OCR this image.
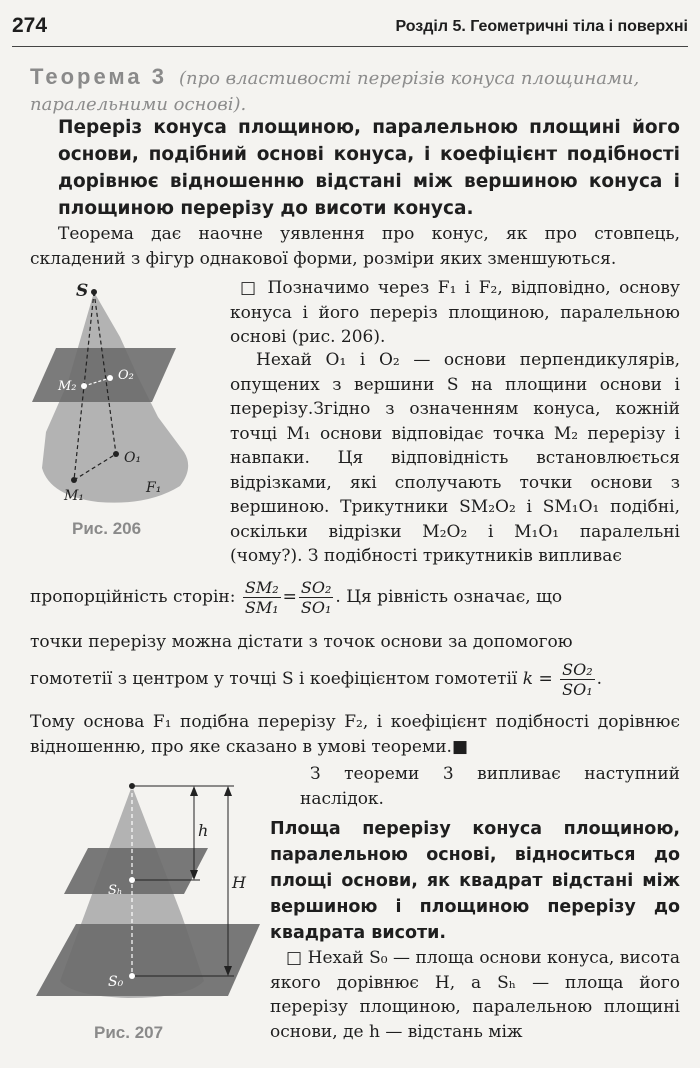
274	Розділ 5. Геометричні тіла і поверхні
Теорема 3 (про властивості перерізів конуса площинами, паралельними основі).
Переріз конуса площиною, паралельною площині його основи, подібний основі конуса, і коефіцієнт подібності дорівнює відношенню відстані між вершиною конуса і площиною перерізу до висоти конуса.

Теорема дає наочне уявлення про конус, як про стовпець, складений з фігур однакової форми, розміри яких зменшуються.

S
O₂
M₂
O₁
M₁	F₁
Рис. 206

□ Позначимо через F₁ і F₂, відповідно, основу конуса і його переріз площиною, паралельною основі (рис. 206).

Нехай O₁ і O₂ — основи перпендикулярів, опущених з вершини S на площини основи і перерізу.Згідно з означенням конуса, кожній точці M₁ основи відповідає точка M₂ перерізу і навпаки. Ця відповідність встановлюється відрізками, які сполучають точки основи з вершиною. Трикутники SM₂O₂ і SM₁O₁ подібні, оскільки відрізки M₂O₂ і M₁O₁ паралельні (чому?). З подібності трикутників випливає

пропорційність сторін: $\frac{\text{SM₂}}{\text{SM₁}} = \frac{\text{SO₂}}{\text{SO₁}}$ . Ця рівність означає, що
точки перерізу можна дістати з точок основи за допомогою
гомотетії з центром у точці S і коефіцієнтом гомотетії $k = \frac{\text{SO₂}}{\text{SO₁}}$ .

Тому основа F₁ подібна перерізу F₂, і коефіцієнт подібності дорівнює відношенню, про яке сказано в умові теореми.■

h
H
Sₕ
S₀
Рис. 207

З теореми 3 випливає наступний наслідок.

Площа перерізу конуса площиною, паралельною основі, відноситься до площі основи, як квадрат відстані між вершиною і площиною перерізу до квадрата висоти.

□ Нехай S₀ — площа основи конуса, висота якого дорівнює H, а Sₕ — площа його перерізу площиною, паралельною площині основи, де h — відстань між
